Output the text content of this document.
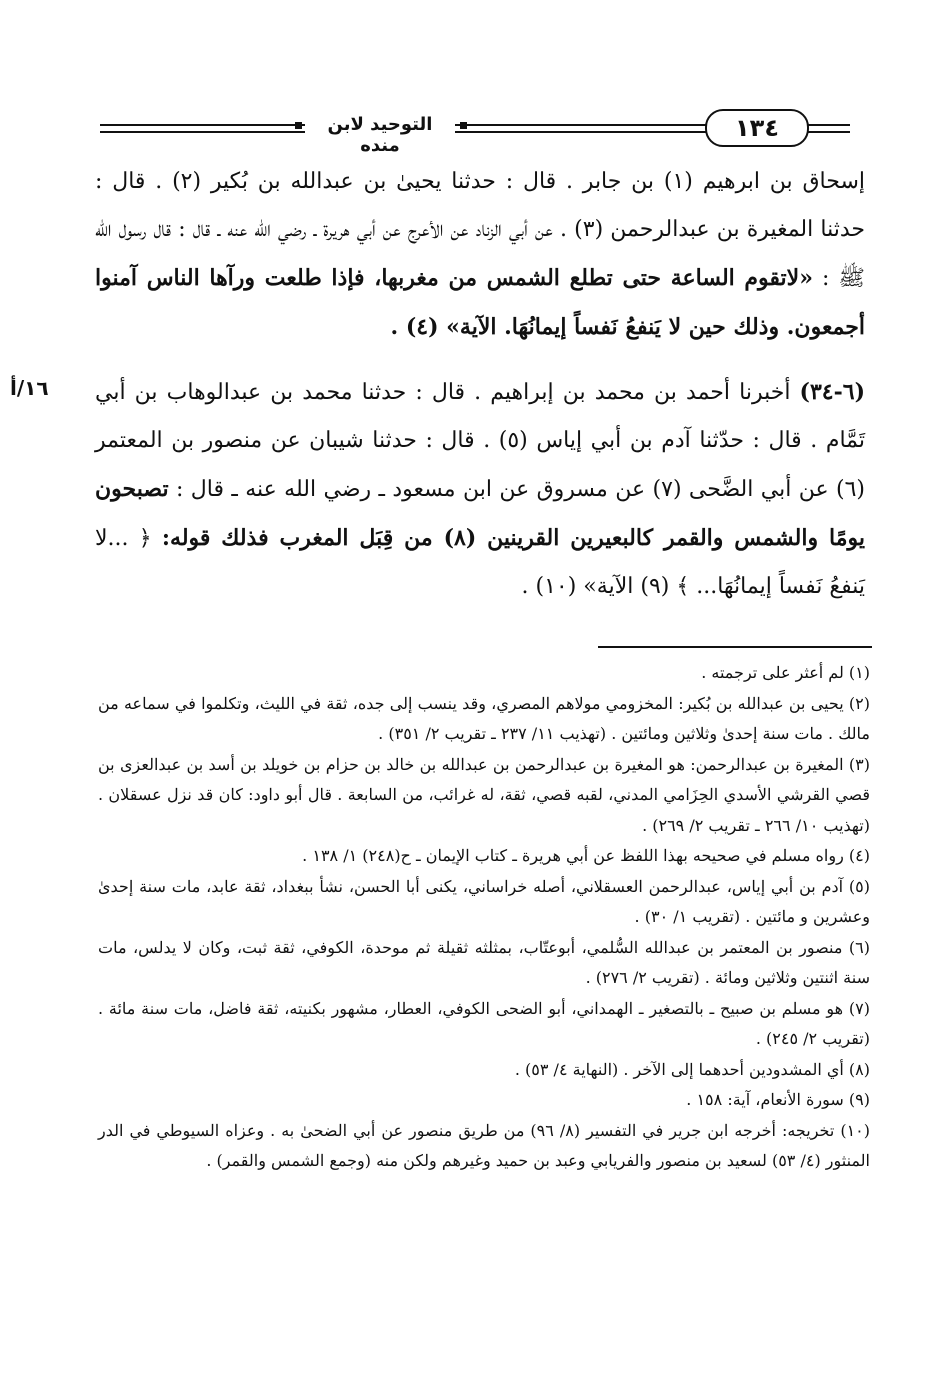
التوحيد لابن منده
١٣٤

إسحاق بن ابرهيم (١) بن جابر . قال : حدثنا يحيىٰ بن عبدالله بن بُكير (٢) . قال : حدثنا المغيرة بن عبدالرحمن (٣) . عن أبي الزناد عن الأعرج عن أبي هريرة ـ رضي الله عنه ـ قال : قال رسول الله ﷺ : «لاتقوم الساعة حتى تطلع الشمس من مغربها، فإذا طلعت ورآها الناس آمنوا أجمعون. وذلك حين لا يَنفعُ نَفساً إيمانُهَا. الآية» (٤) .

١٦/أ	(٦-٣٤) أخبرنا أحمد بن محمد بن إبراهيم . قال : حدثنا محمد بن عبدالوهاب بن أبي تَمَّام . قال : حدّثنا آدم بن أبي إياس (٥) . قال : حدثنا شيبان عن منصور بن المعتمر (٦) عن أبي الضَّحى (٧) عن مسروق عن ابن مسعود ـ رضي الله عنه ـ قال : تصبحون يومًا والشمس والقمر كالبعيرين القرينين (٨) من قِبَل المغرب فذلك قوله: ﴿ ...لا يَنفعُ نَفساً إيمانُهَا... ﴾ (٩) الآية» (١٠) .

(١) لم أعثر على ترجمته .

(٢) يحيى بن عبدالله بن بُكير: المخزومي مولاهم المصري، وقد ينسب إلى جده، ثقة في الليث، وتكلموا في سماعه من مالك . مات سنة إحدىٰ وثلاثين ومائتين . (تهذيب ١١/ ٢٣٧ ـ تقريب ٢/ ٣٥١) .

(٣) المغيرة بن عبدالرحمن: هو المغيرة بن عبدالرحمن بن عبدالله بن خالد بن حزام بن خويلد بن أسد بن عبدالعزى بن قصي القرشي الأسدي الحِزَامي المدني، لقبه قصي، ثقة، له غرائب، من السابعة . قال أبو داود: كان قد نزل عسقلان . (تهذيب ١٠/ ٢٦٦ ـ تقريب ٢/ ٢٦٩) .

(٤) رواه مسلم في صحيحه بهذا اللفظ عن أبي هريرة ـ كتاب الإيمان ـ ح(٢٤٨) ١/ ١٣٨ .

(٥) آدم بن أبي إياس، عبدالرحمن العسقلاني، أصله خراساني، يكنى أبا الحسن، نشأ ببغداد، ثقة عابد، مات سنة إحدىٰ وعشرين و مائتين . (تقريب ١/ ٣٠) .

(٦) منصور بن المعتمر بن عبدالله السُّلمي، أبوعتّاب، بمثلثه ثقيلة ثم موحدة، الكوفي، ثقة ثبت، وكان لا يدلس، مات سنة اثنتين وثلاثين ومائة . (تقريب ٢/ ٢٧٦) .

(٧) هو مسلم بن صبيح ـ بالتصغير ـ الهمداني، أبو الضحى الكوفي، العطار، مشهور بكنيته، ثقة فاضل، مات سنة مائة . (تقريب ٢/ ٢٤٥) .

(٨) أي المشدودين أحدهما إلى الآخر . (النهاية ٤/ ٥٣) .

(٩) سورة الأنعام، آية: ١٥٨ .

(١٠) تخريجه: أخرجه ابن جرير في التفسير (٨/ ٩٦) من طريق منصور عن أبي الضحىٰ به . وعزاه السيوطي في الدر المنثور (٤/ ٥٣) لسعيد بن منصور والفريابي وعبد بن حميد وغيرهم ولكن منه (وجمع الشمس والقمر) .
